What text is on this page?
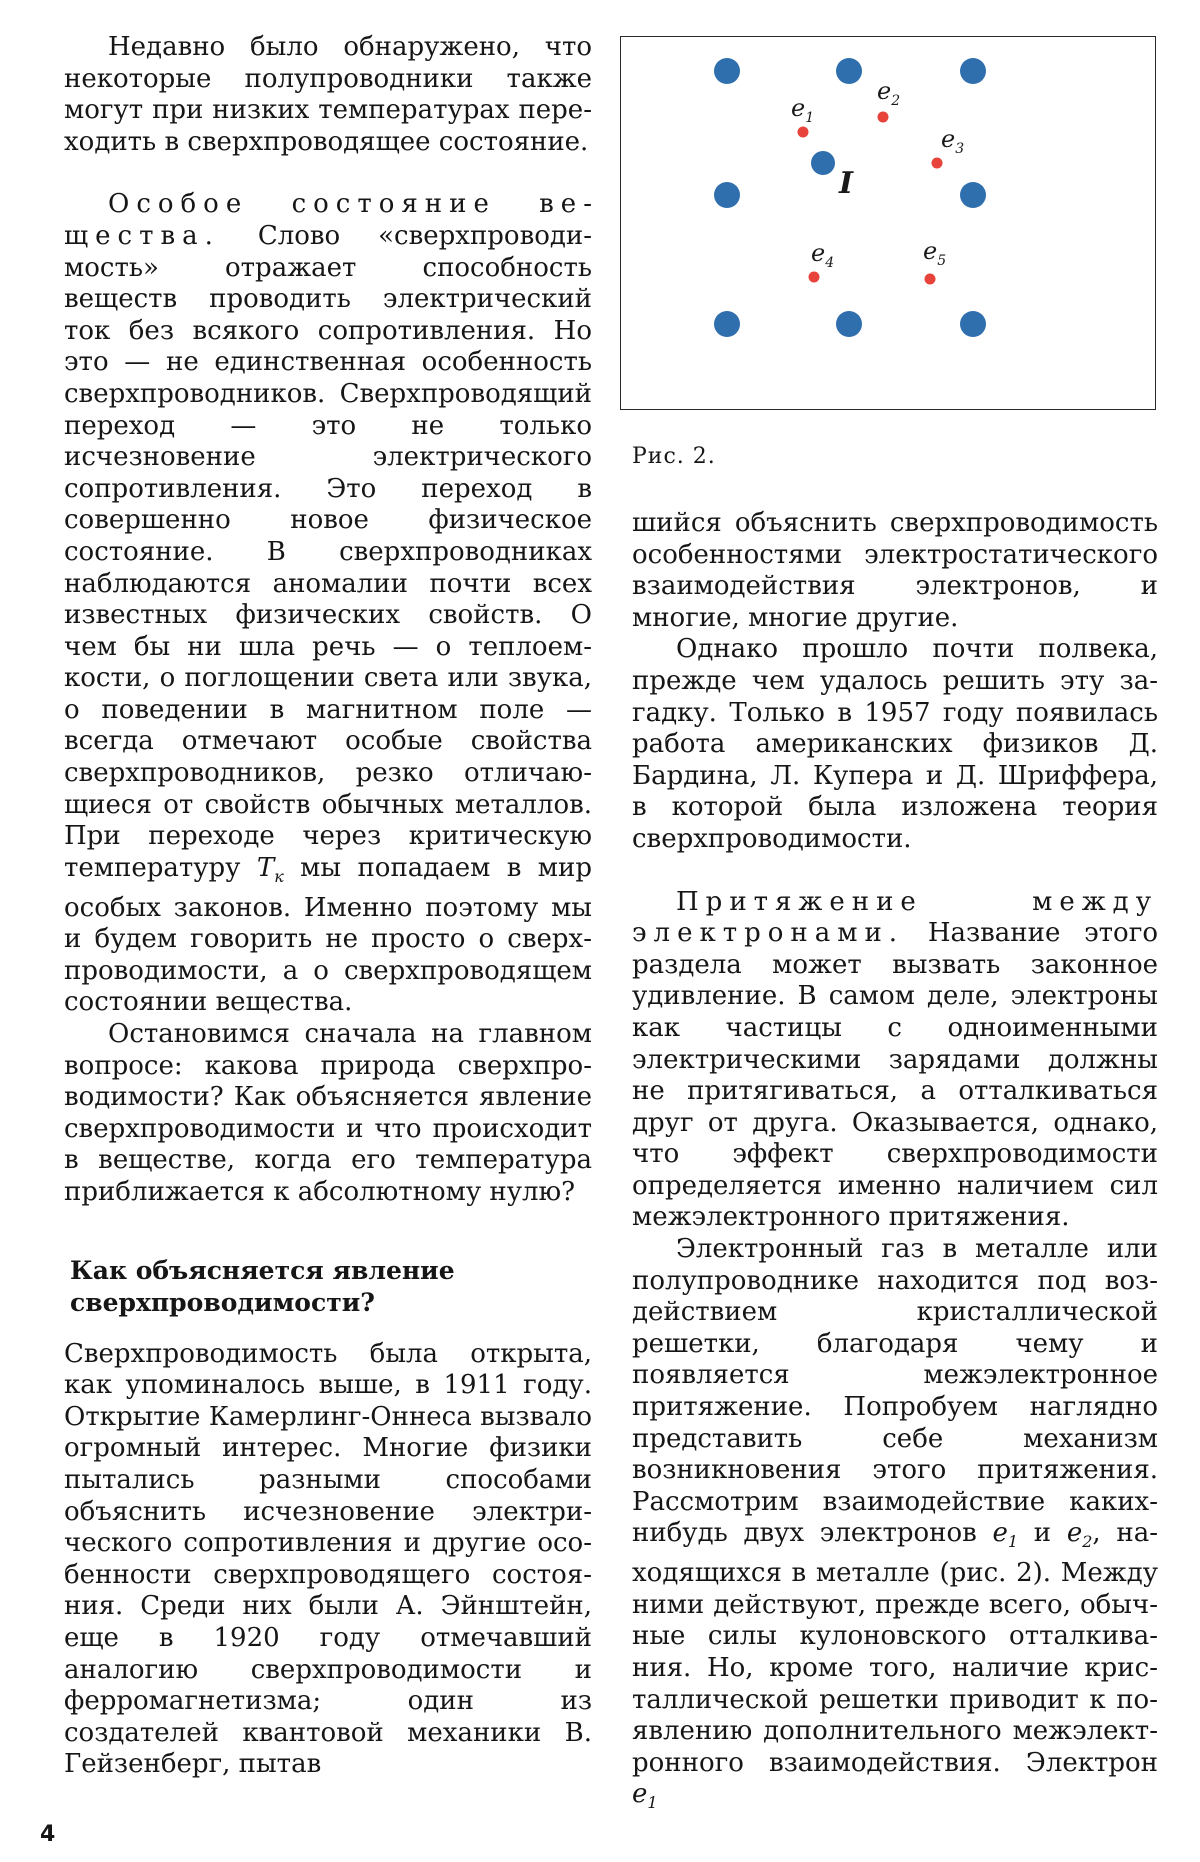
Недавно было обнаружено, что некоторые полупроводники также могут при низких температурах переходить в сверхпроводящее состояние.

Особое состояние вещества. Слово «сверхпроводимость» отражает способность веществ проводить электрический ток без всякого сопротивления. Но это — не единственная особенность сверхпроводников. Сверхпроводящий переход — это не только исчезновение электрического сопротивления. Это переход в совершенно новое физическое состояние. В сверхпроводниках наблюдаются аномалии почти всех известных физических свойств. О чем бы ни шла речь — о теплоемкости, о поглощении света или звука, о поведении в магнитном поле — всегда отмечают особые свойства сверхпроводников, резко отличающиеся от свойств обычных металлов. При переходе через критическую температуру $T_к$ мы попадаем в мир особых законов. Именно поэтому мы и будем говорить не просто о сверхпроводимости, а о сверхпроводящем состоянии вещества.

Остановимся сначала на главном вопросе: какова природа сверхпроводимости? Как объясняется явление сверхпроводимости и что происходит в веществе, когда его температура приближается к абсолютному нулю?

Как объясняется явление
сверхпроводимости?

Сверхпроводимость была открыта, как упоминалось выше, в 1911 году. Открытие Камерлинг-Оннеса вызвало огромный интерес. Многие физики пытались разными способами объяснить исчезновение электрического сопротивления и другие особенности сверхпроводящего состояния. Среди них были А. Эйнштейн, еще в 1920 году отмечавший аналогию сверхпроводимости и ферромагнетизма; один из создателей квантовой механики В. Гейзенберг, пытав

$e_1$
$e_2$
$e_3$
$e_4$	$e_5$
I
Рис. 2.

шийся объяснить сверхпроводимость особенностями электростатического взаимодействия электронов, и многие, многие другие.

Однако прошло почти полвека, прежде чем удалось решить эту загадку. Только в 1957 году появилась работа американских физиков Д. Бардина, Л. Купера и Д. Шриффера, в которой была изложена теория сверхпроводимости.

Притяжение между электронами. Название этого раздела может вызвать законное удивление. В самом деле, электроны как частицы с одноименными электрическими зарядами должны не притягиваться, а отталкиваться друг от друга. Оказывается, однако, что эффект сверхпроводимости определяется именно наличием сил межэлектронного притяжения.

Электронный газ в металле или полупроводнике находится под воздействием кристаллической решетки, благодаря чему и появляется межэлектронное притяжение. Попробуем наглядно представить себе механизм возникновения этого притяжения. Рассмотрим взаимодействие каких-нибудь двух электронов $e_1$ и $e_2$, находящихся в металле (рис. 2). Между ними действуют, прежде всего, обычные силы кулоновского отталкивания. Но, кроме того, наличие кристаллической решетки приводит к появлению дополнительного межэлектронного взаимодействия. Электрон $e_1$

4
